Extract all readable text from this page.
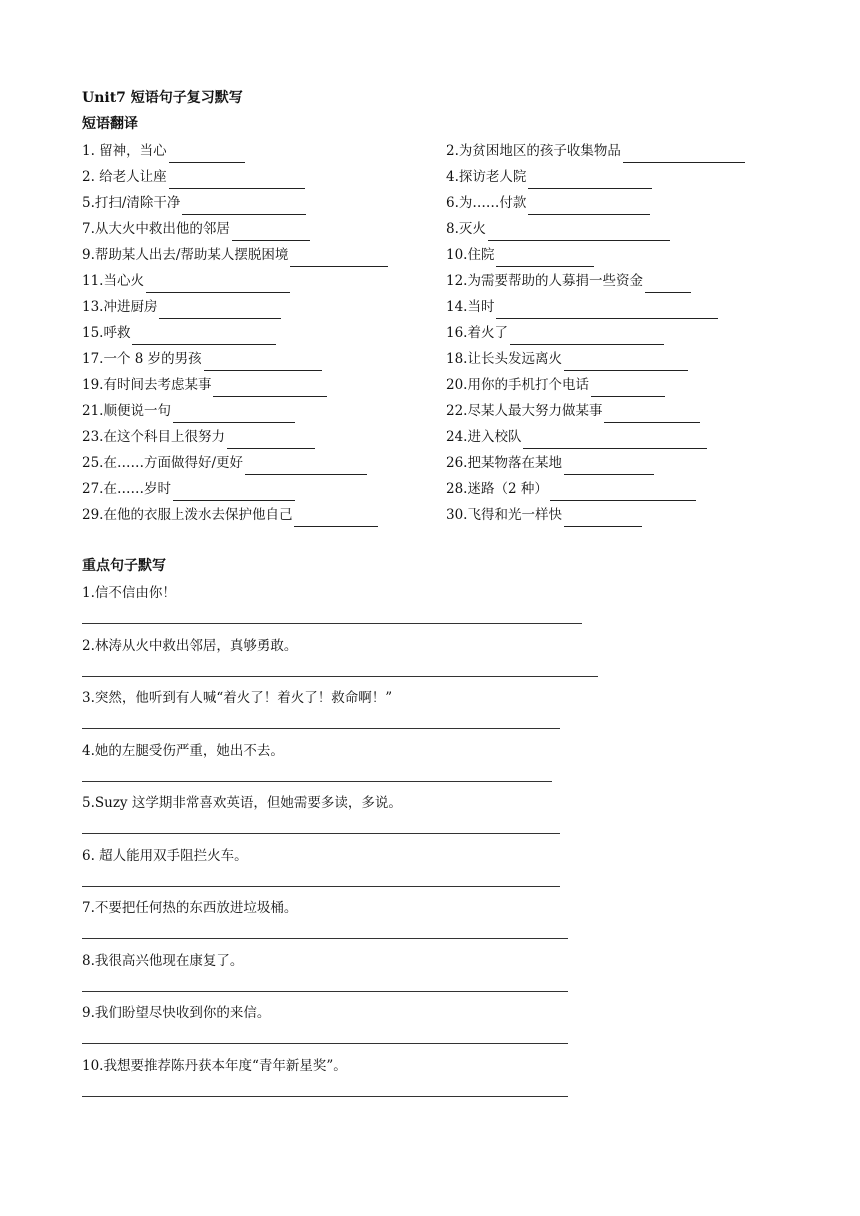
Unit7 短语句子复习默写
短语翻译
1. 留神，当心	2.为贫困地区的孩子收集物品
2. 给老人让座	4.探访老人院
5.打扫/清除干净	6.为……付款
7.从大火中救出他的邻居	8.灭火
9.帮助某人出去/帮助某人摆脱困境	10.住院
11.当心火	12.为需要帮助的人募捐一些资金
13.冲进厨房	14.当时
15.呼救	16.着火了
17.一个 8 岁的男孩	18.让长头发远离火
19.有时间去考虑某事	20.用你的手机打个电话
21.顺便说一句	22.尽某人最大努力做某事
23.在这个科目上很努力	24.进入校队
25.在……方面做得好/更好	26.把某物落在某地
27.在……岁时	28.迷路（2 种）
29.在他的衣服上泼水去保护他自己	30.飞得和光一样快
重点句子默写
1.信不信由你！
2.林涛从火中救出邻居，真够勇敢。
3.突然，他听到有人喊“着火了！着火了！救命啊！”
4.她的左腿受伤严重，她出不去。
5.Suzy 这学期非常喜欢英语，但她需要多读，多说。
6. 超人能用双手阻拦火车。
7.不要把任何热的东西放进垃圾桶。
8.我很高兴他现在康复了。
9.我们盼望尽快收到你的来信。
10.我想要推荐陈丹获本年度“青年新星奖”。
